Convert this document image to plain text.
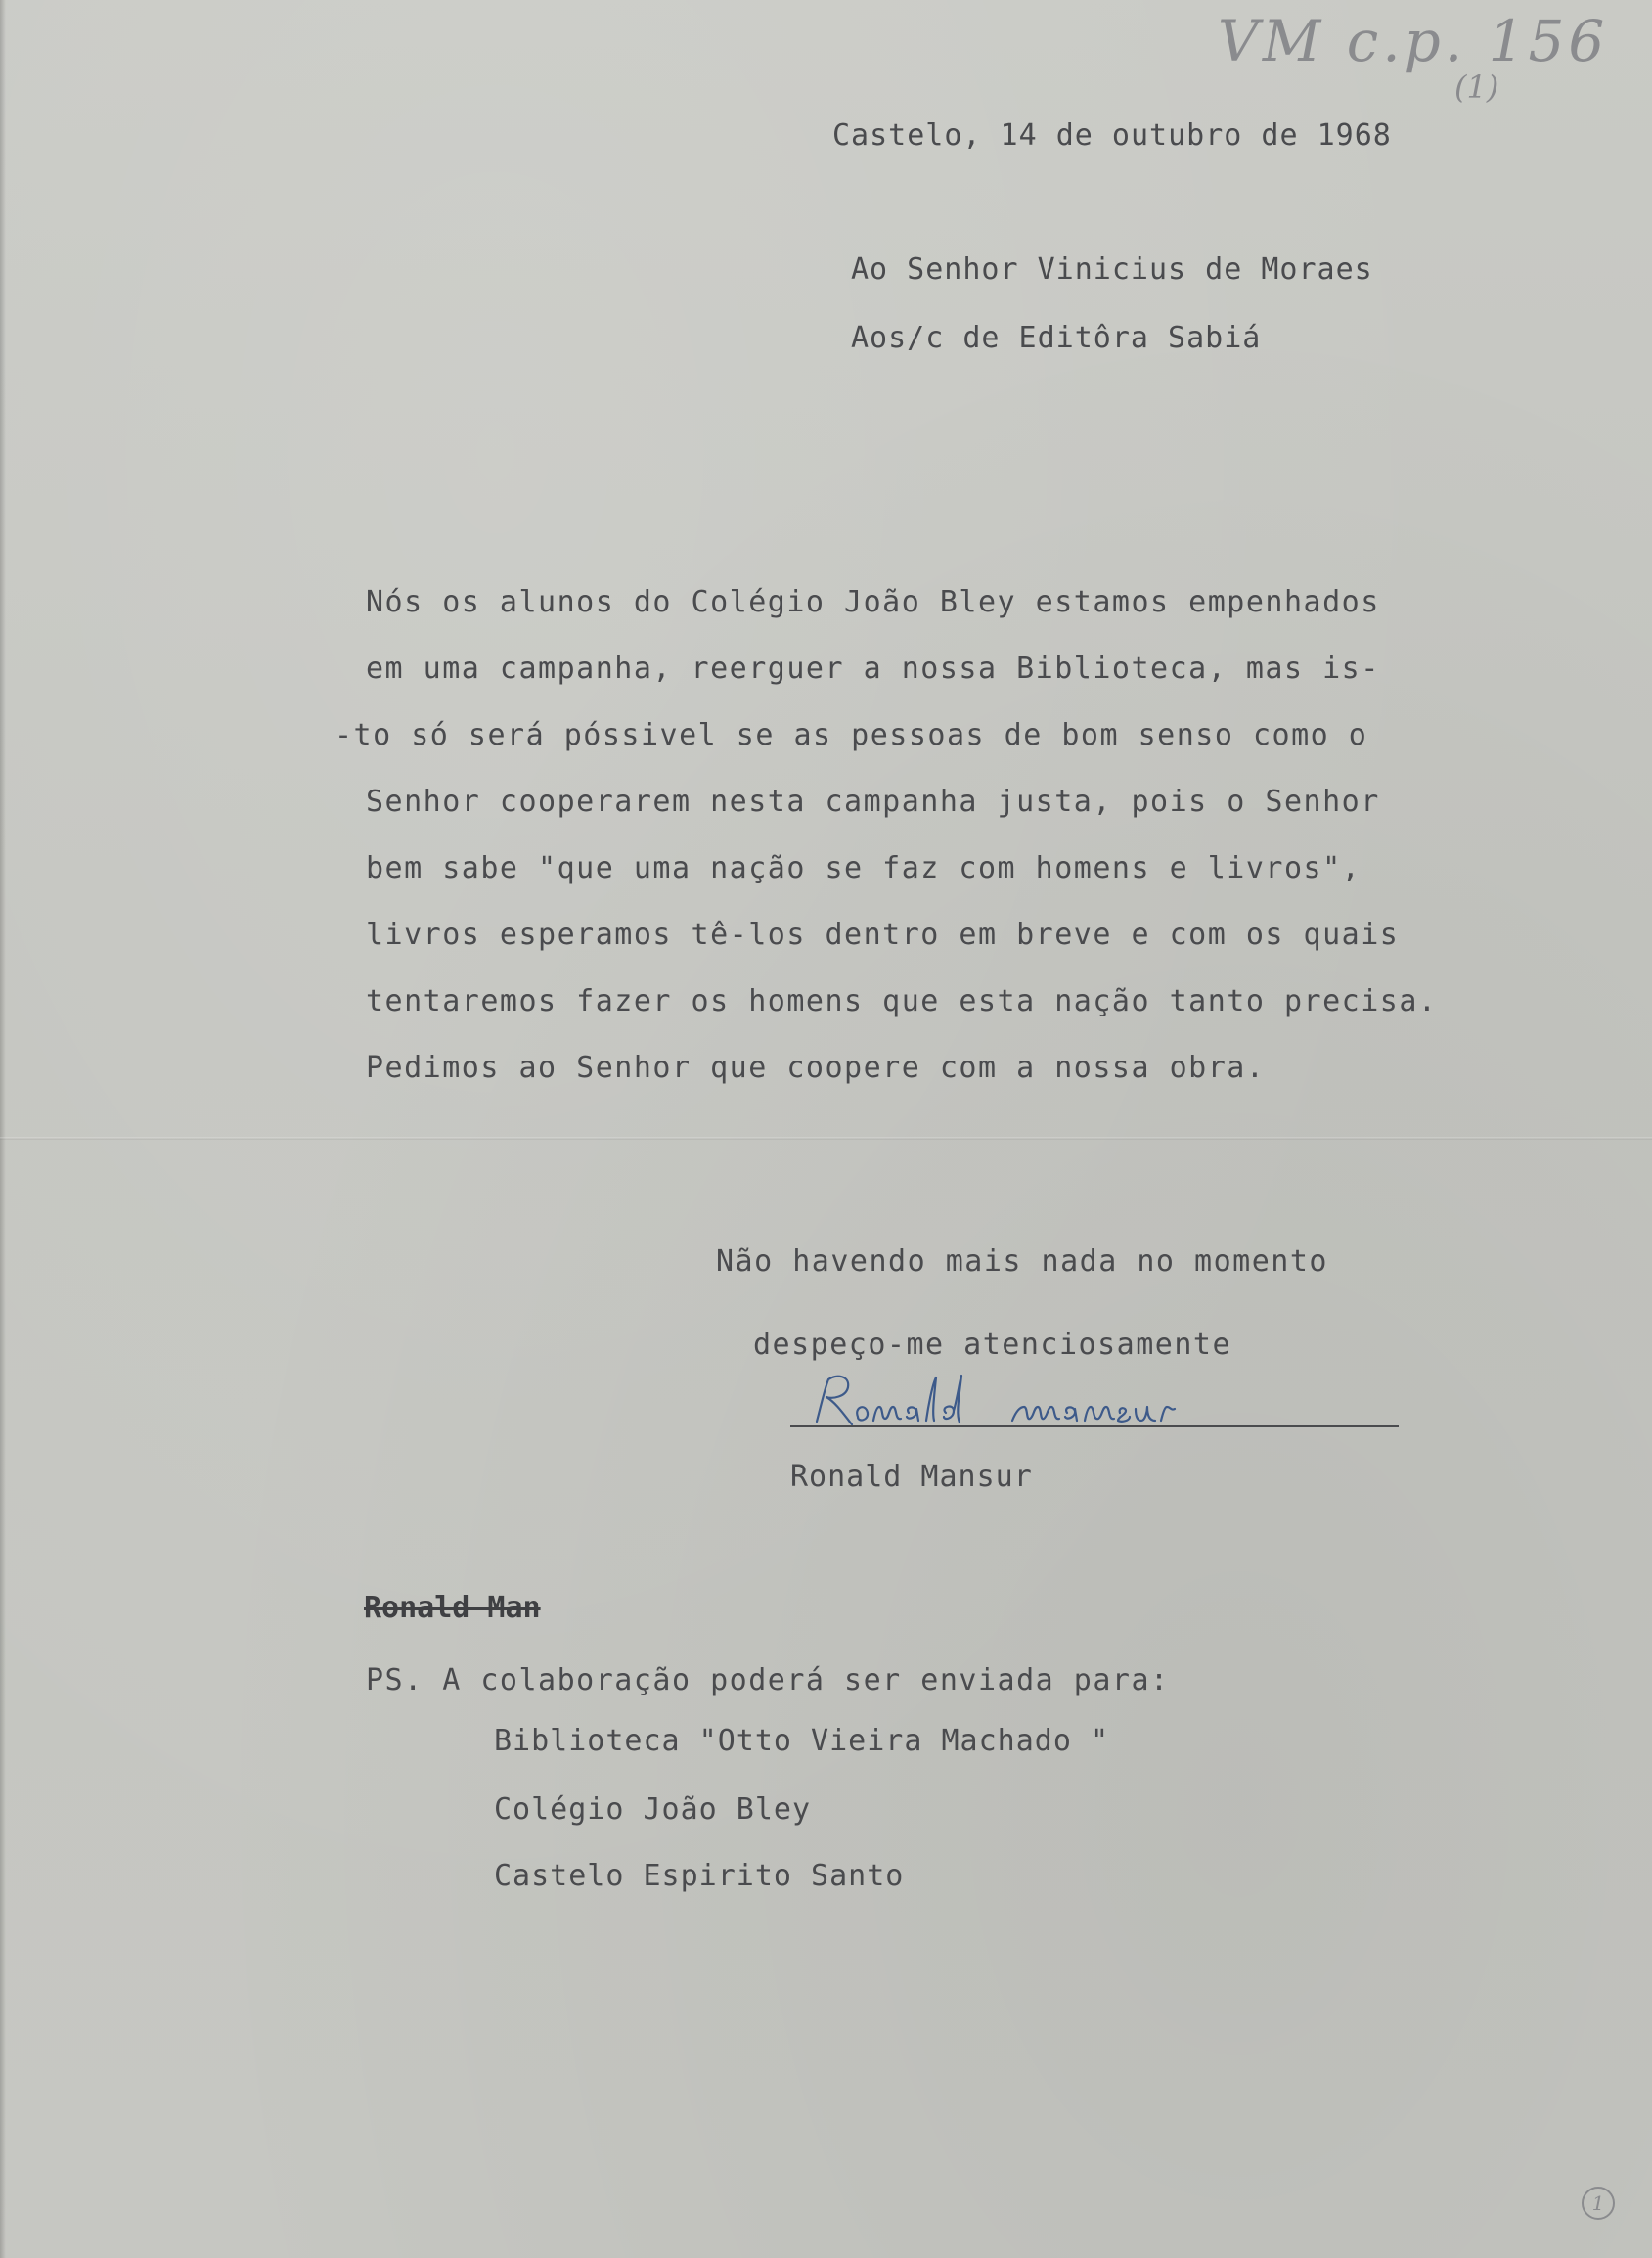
VM c.p. 156
(1)
Castelo, 14 de outubro de 1968
Ao Senhor Vinicius de Moraes
Aos/c de Editôra Sabiá
Nós os alunos do Colégio João Bley estamos empenhados
em uma campanha, reerguer a nossa Biblioteca, mas is-
-to só será póssivel se as pessoas de bom senso como o
Senhor cooperarem nesta campanha justa, pois o Senhor
bem sabe "que uma nação se faz com homens e livros",
livros esperamos tê-los dentro em breve e com os quais
tentaremos fazer os homens que esta nação tanto precisa.
Pedimos ao Senhor que coopere com a nossa obra.
Não havendo mais nada no momento
despeço-me atenciosamente
Ronald Mansur
Ronald Man
PS. A colaboração poderá ser enviada para:
Biblioteca "Otto Vieira Machado "
Colégio João Bley
Castelo Espirito Santo
1
